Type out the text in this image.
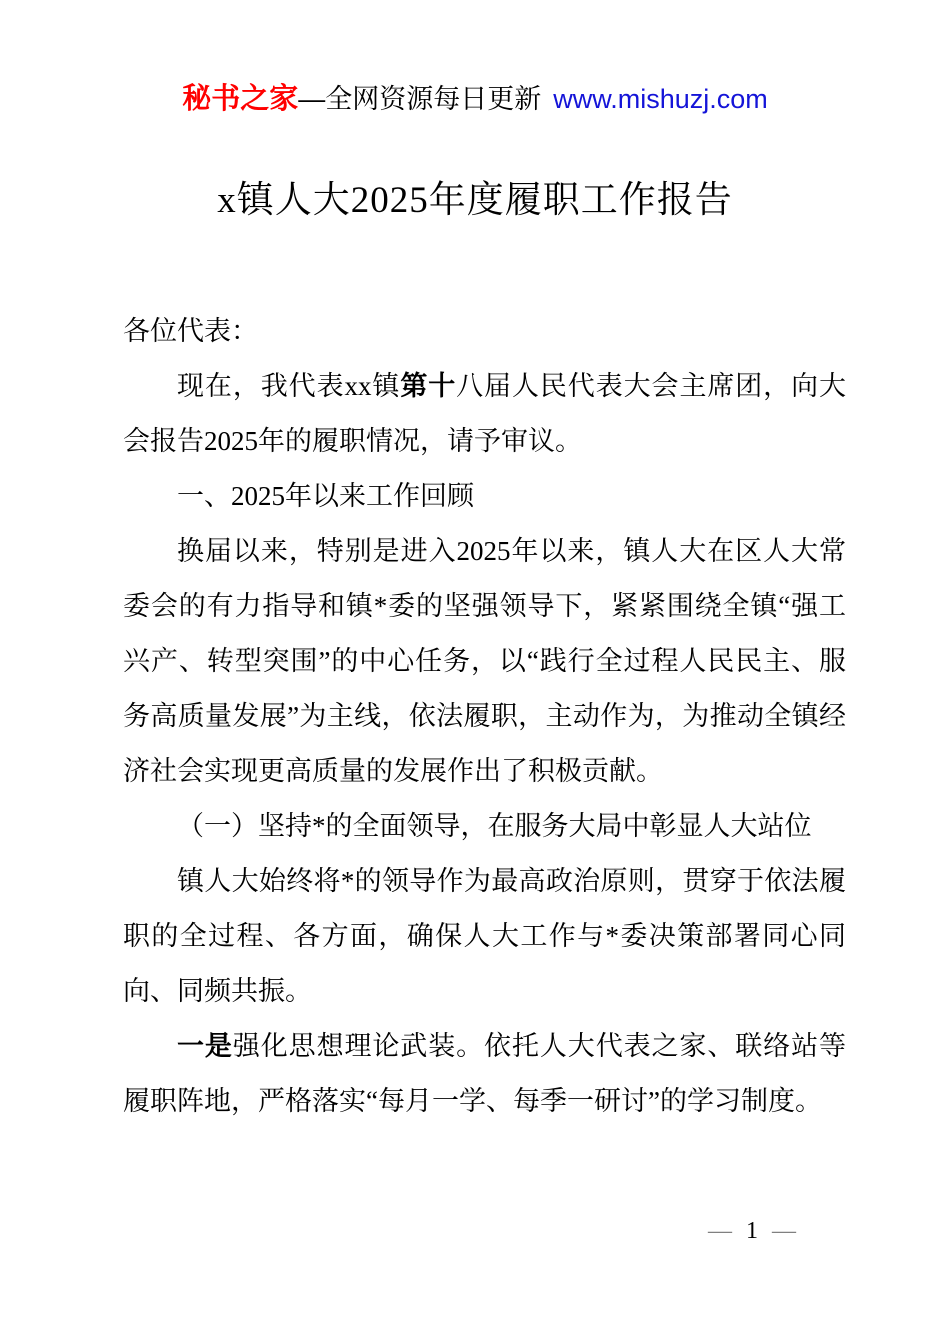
秘书之家—全网资源每日更新 www.mishuzj.com
x镇人大2025年度履职工作报告

各位代表：

现在，我代表xx镇第十八届人民代表大会主席团，向大会报告2025年的履职情况，请予审议。

一、2025年以来工作回顾

换届以来，特别是进入2025年以来，镇人大在区人大常委会的有力指导和镇*委的坚强领导下，紧紧围绕全镇“强工兴产、转型突围”的中心任务，以“践行全过程人民民主、服务高质量发展”为主线，依法履职，主动作为，为推动全镇经济社会实现更高质量的发展作出了积极贡献。

（一）坚持*的全面领导，在服务大局中彰显人大站位

镇人大始终将*的领导作为最高政治原则，贯穿于依法履职的全过程、各方面，确保人大工作与*委决策部署同心同向、同频共振。

一是强化思想理论武装。依托人大代表之家、联络站等履职阵地，严格落实“每月一学、每季一研讨”的学习制度。

— 1 —
